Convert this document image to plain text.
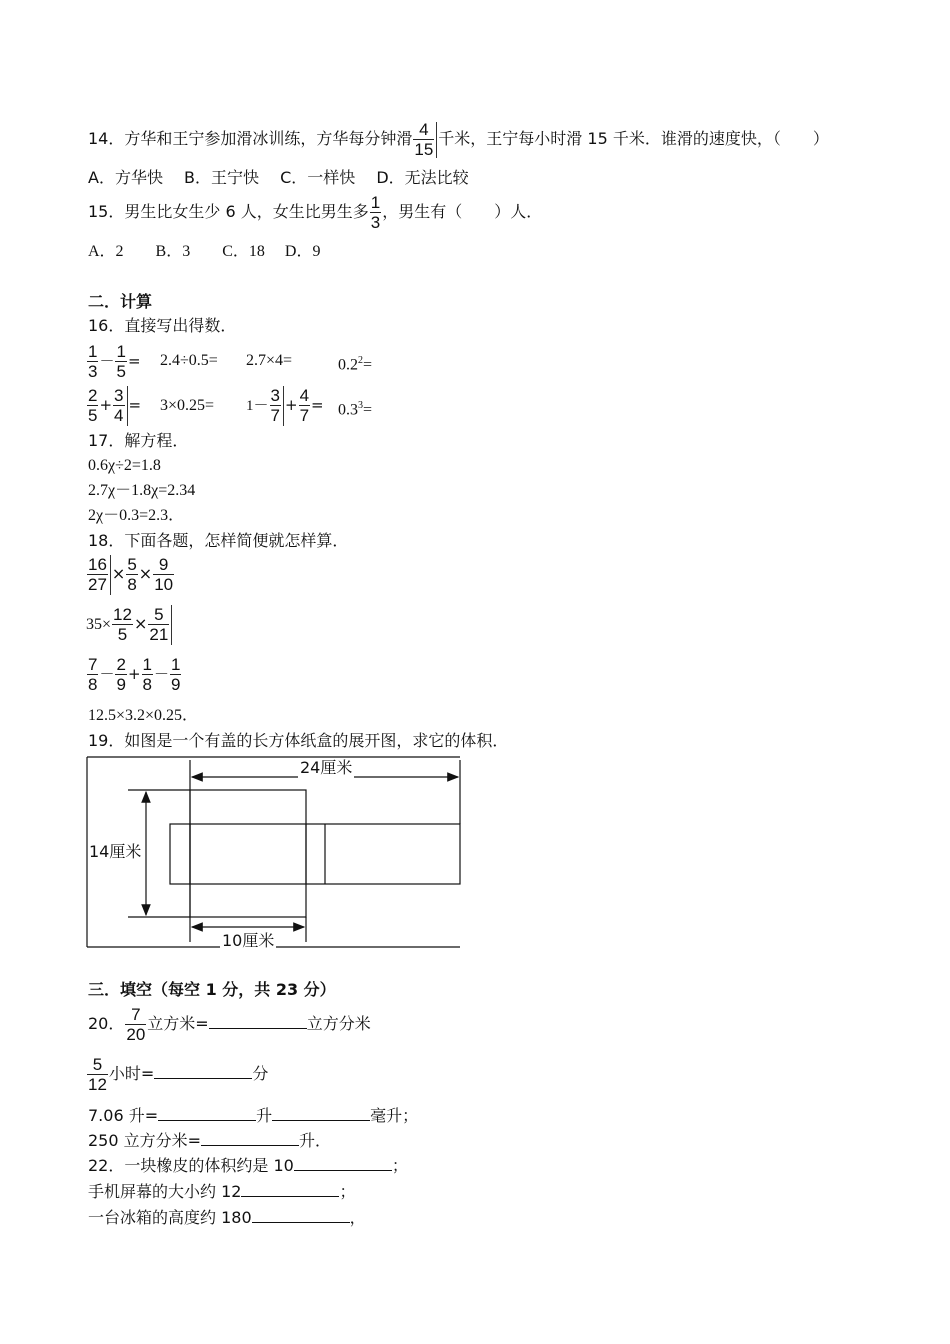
14．方华和王宁参加滑冰训练，方华每分钟滑 $\frac{4}{15}$ 千米，王宁每小时滑 15 千米．谁滑的速度快，（　　）
A．方华快　 B．王宁快　 C．一样快　 D．无法比较
15．男生比女生少 6 人，女生比男生多 $\frac{1}{3}$ ，男生有（　　）人．
A．2　　B．3　　C．18　 D．9
二．计算
16．直接写出得数．
$\frac{1}{3} - \frac{1}{5} = 2.4\div 0.5= 2.7\times 4=$	$0.2^2=$
$\frac{2}{5} + \frac{3}{4} = 3\times 0.25= 1- \frac{3}{7} + \frac{4}{7} = 0.3^3=$
17．解方程．
0.6χ÷2=1.8
2.7χ－1.8χ=2.34
2χ－0.3=2.3．
18．下面各题，怎样简便就怎样算．
$\frac{16}{27} \times \frac{5}{8} \times \frac{9}{10}$
$35\times \frac{12}{5} \times \frac{5}{21}$
$\frac{7}{8} - \frac{2}{9} + \frac{1}{8} - \frac{1}{9}$
12.5×3.2×0.25．
19．如图是一个有盖的长方体纸盒的展开图，求它的体积．
24厘米
14厘米
10厘米
三．填空（每空 1 分，共 23 分）
20． $\frac{7}{20}$ 立方米=	立方分米
$\frac{5}{12}$ 小时=	分
7.06 升=	升	毫升；
250 立方分米=	升．
22．一块橡皮的体积约是 10	；
手机屏幕的大小约 12	；
一台冰箱的高度约 180	，
